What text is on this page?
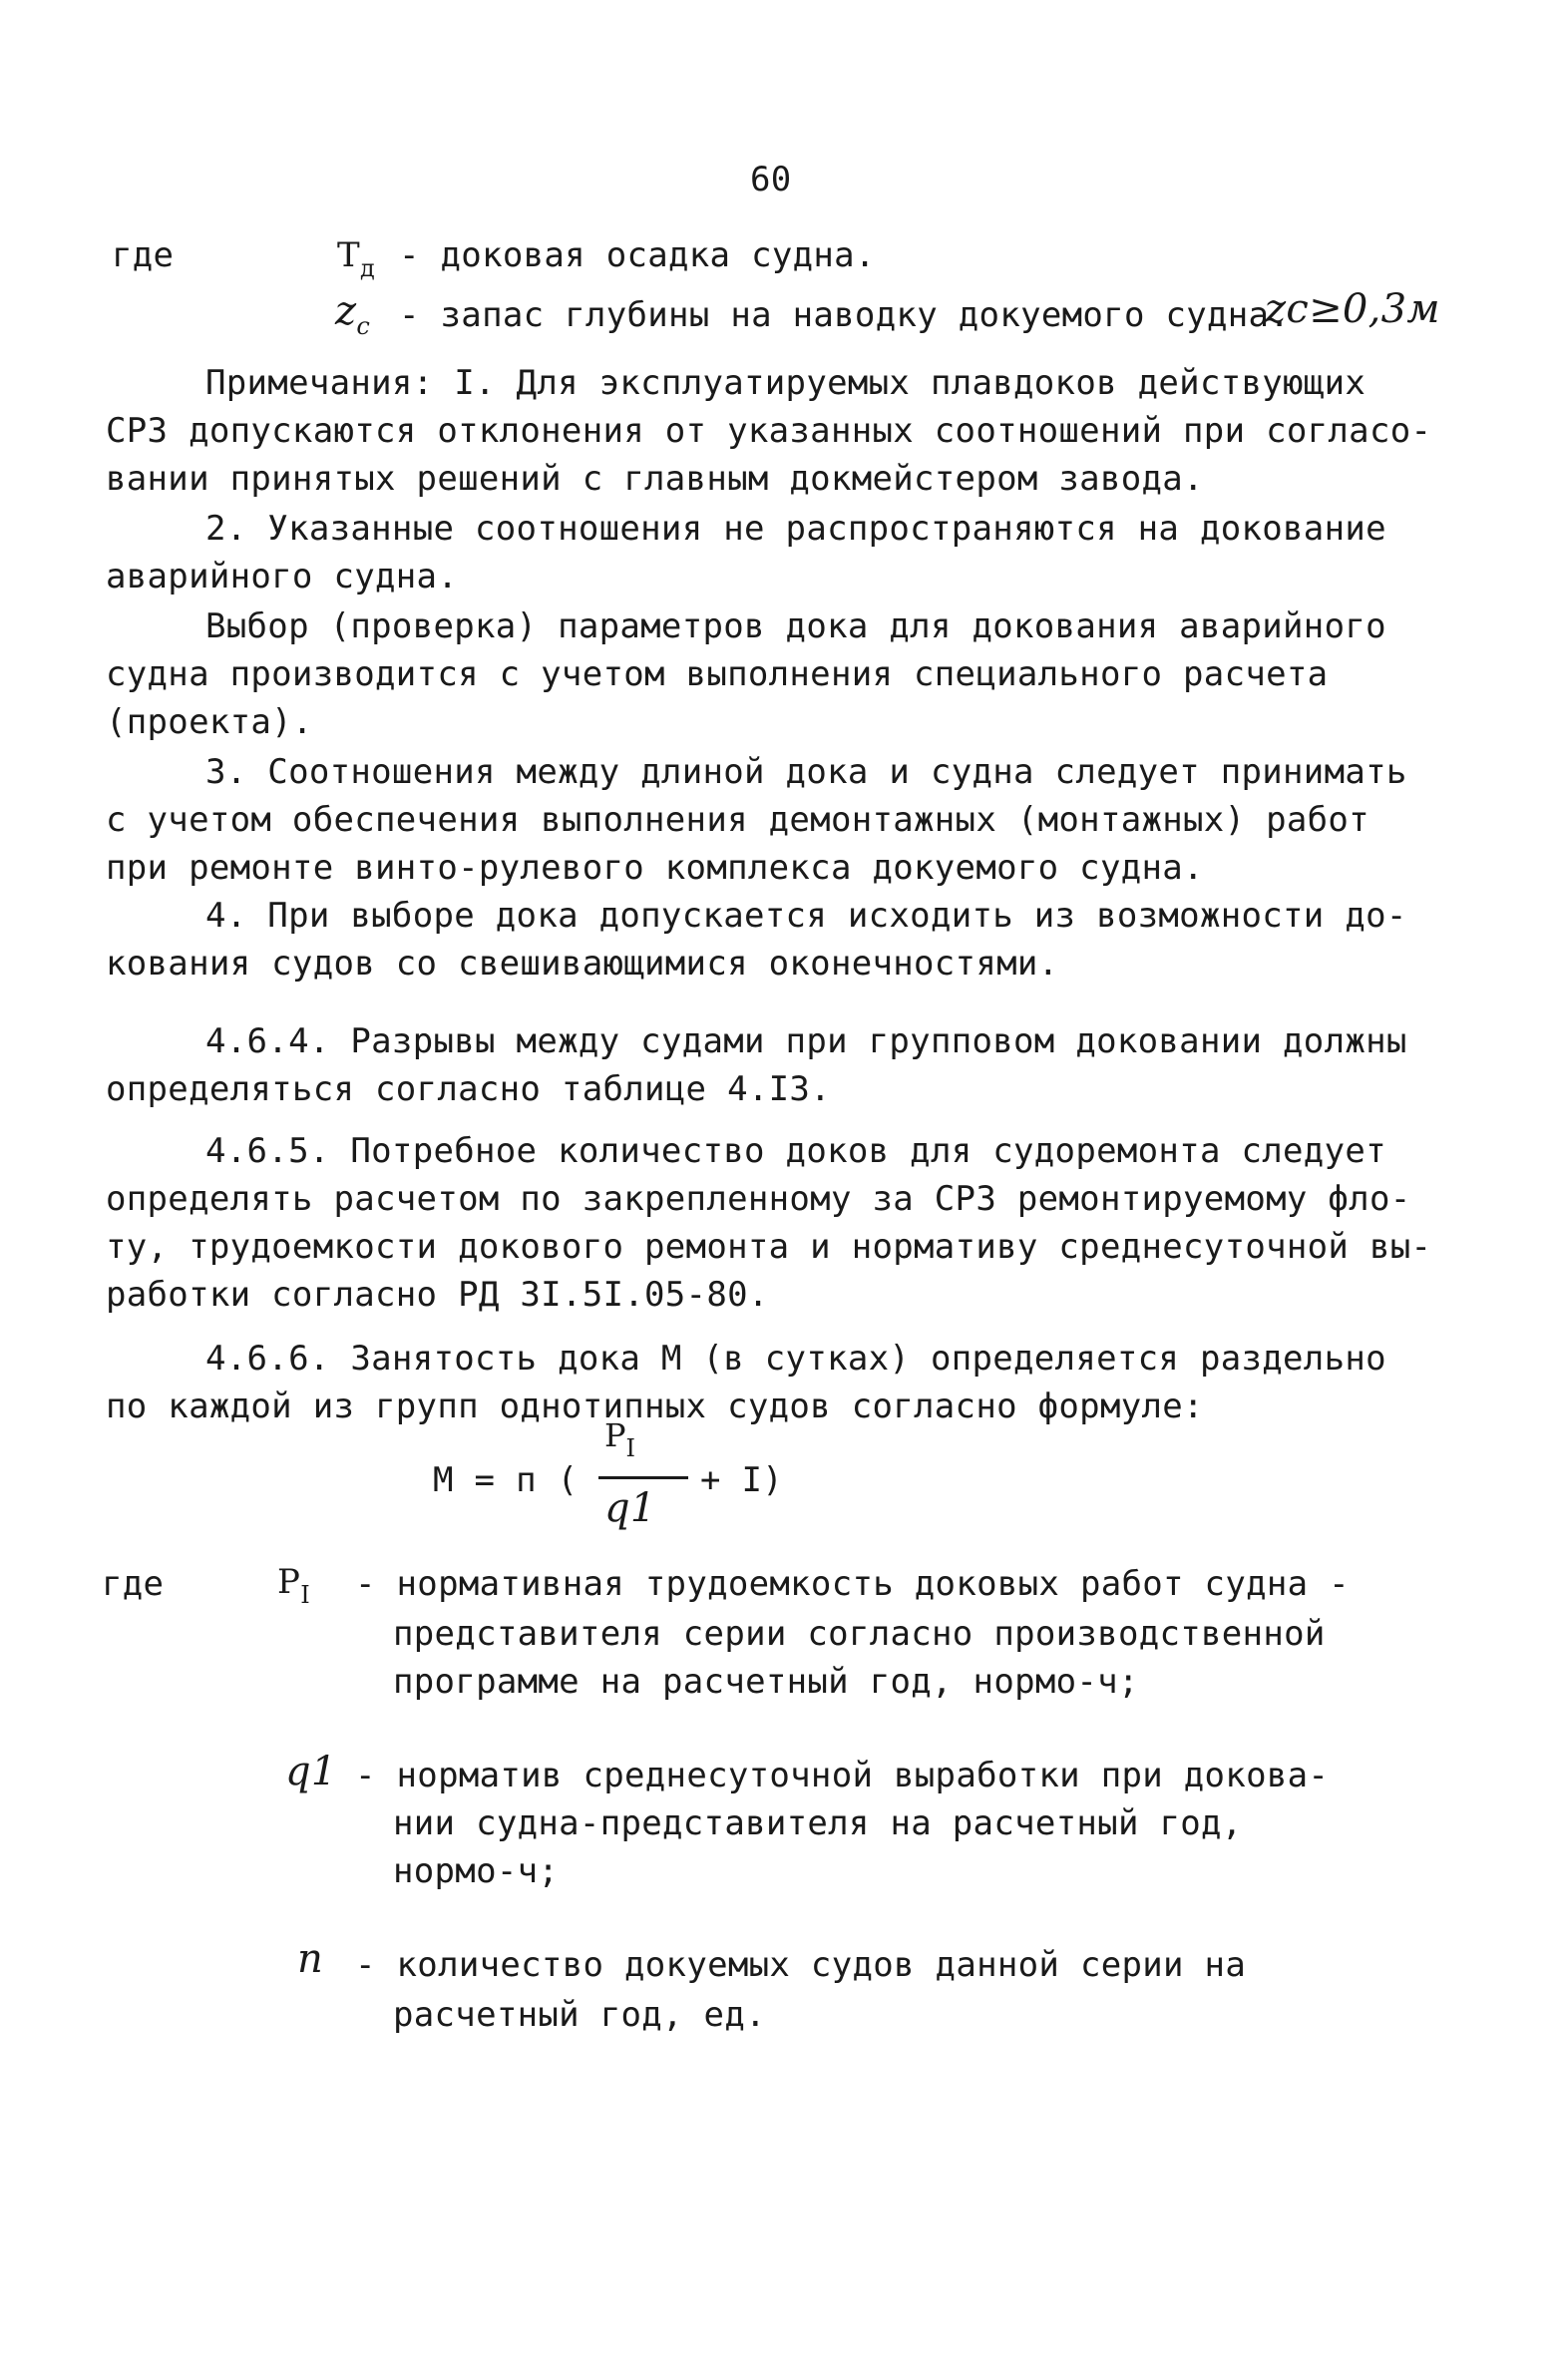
60
где	$Т_д$ - доковая осадка судна.
$z_c$ - запас глубины на наводку докуемого судна.
zc≥0,3м
Примечания: I. Для эксплуатируемых плавдоков действующих
СРЗ допускаются отклонения от указанных соотношений при согласо-
вании принятых решений с главным докмейстером завода.
2. Указанные соотношения не распространяются на докование
аварийного судна.
Выбор (проверка) параметров дока для докования аварийного
судна производится с учетом выполнения специального расчета
(проекта).
3. Соотношения между длиной дока и судна следует принимать
с учетом обеспечения выполнения демонтажных (монтажных) работ
при ремонте винто-рулевого комплекса докуемого судна.
4. При выборе дока допускается исходить из возможности до-
кования судов со свешивающимися оконечностями.
4.6.4. Разрывы между судами при групповом доковании должны
определяться согласно таблице 4.I3.
4.6.5. Потребное количество доков для судоремонта следует
определять расчетом по закрепленному за СРЗ ремонтируемому фло-
ту, трудоемкости докового ремонта и нормативу среднесуточной вы-
работки согласно РД 3I.5I.05-80.
4.6.6. Занятость дока М (в сутках) определяется раздельно
по каждой из групп однотипных судов согласно формуле:
М = п (
$P_I$
q1
+ I)
где	$P_I$ - нормативная трудоемкость доковых работ судна -
представителя серии согласно производственной
программе на расчетный год, нормо-ч;
q1 - норматив среднесуточной выработки при докова-
нии судна-представителя на расчетный год,
нормо-ч;
n - количество докуемых судов данной серии на
расчетный год, ед.
